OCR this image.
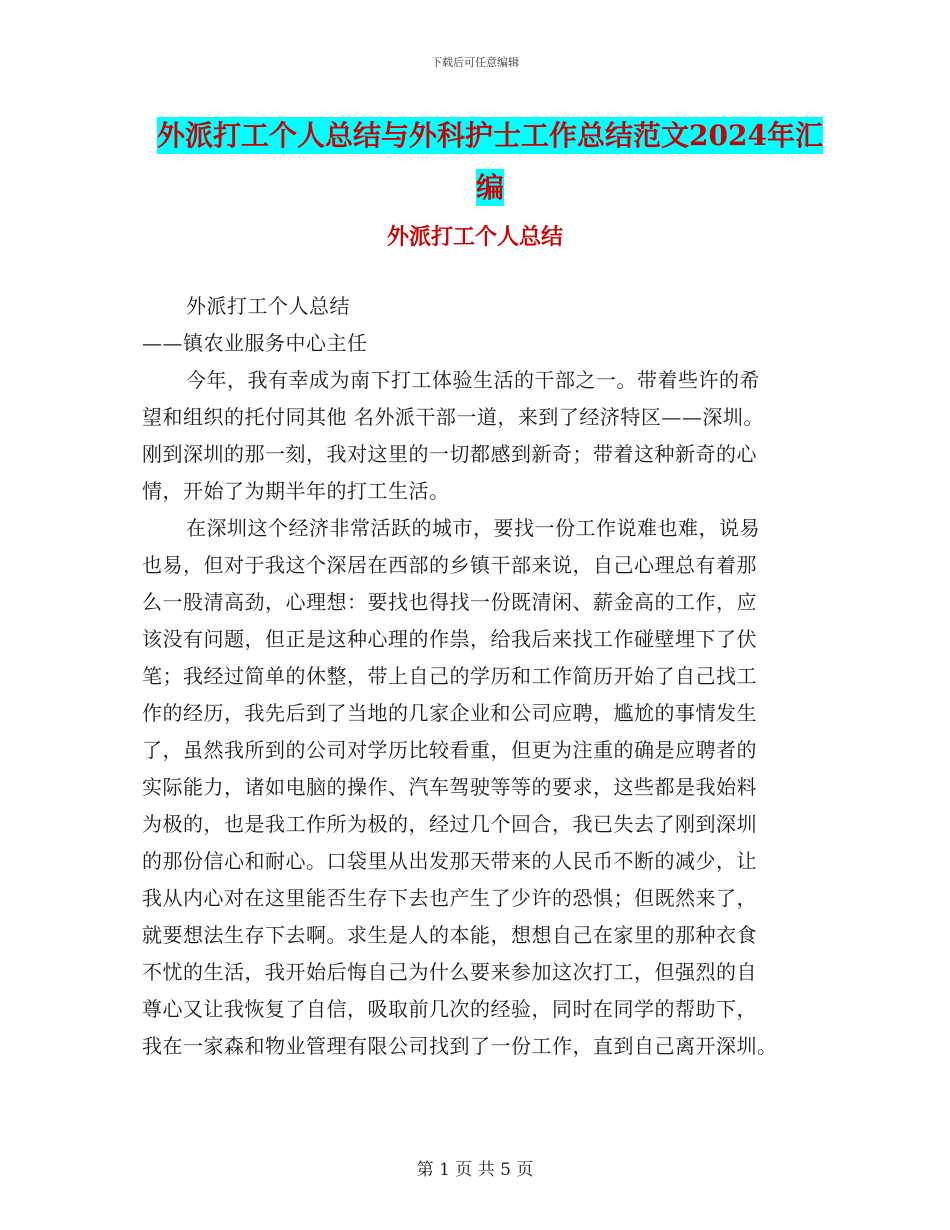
下载后可任意编辑
外派打工个人总结与外科护士工作总结范文2024年汇
编
外派打工个人总结
外派打工个人总结
——镇农业服务中心主任
今年，我有幸成为南下打工体验生活的干部之一。带着些许的希
望和组织的托付同其他 名外派干部一道，来到了经济特区——深圳。
刚到深圳的那一刻，我对这里的一切都感到新奇；带着这种新奇的心
情，开始了为期半年的打工生活。
在深圳这个经济非常活跃的城市，要找一份工作说难也难，说易
也易，但对于我这个深居在西部的乡镇干部来说，自己心理总有着那
么一股清高劲，心理想：要找也得找一份既清闲、薪金高的工作，应
该没有问题，但正是这种心理的作祟，给我后来找工作碰壁埋下了伏
笔；我经过简单的休整，带上自己的学历和工作简历开始了自己找工
作的经历，我先后到了当地的几家企业和公司应聘，尴尬的事情发生
了，虽然我所到的公司对学历比较看重，但更为注重的确是应聘者的
实际能力，诸如电脑的操作、汽车驾驶等等的要求，这些都是我始料
为极的，也是我工作所为极的，经过几个回合，我已失去了刚到深圳
的那份信心和耐心。口袋里从出发那天带来的人民币不断的减少，让
我从内心对在这里能否生存下去也产生了少许的恐惧；但既然来了，
就要想法生存下去啊。求生是人的本能，想想自己在家里的那种衣食
不忧的生活，我开始后悔自己为什么要来参加这次打工，但强烈的自
尊心又让我恢复了自信，吸取前几次的经验，同时在同学的帮助下，
我在一家森和物业管理有限公司找到了一份工作，直到自己离开深圳。
第 1 页 共 5 页
